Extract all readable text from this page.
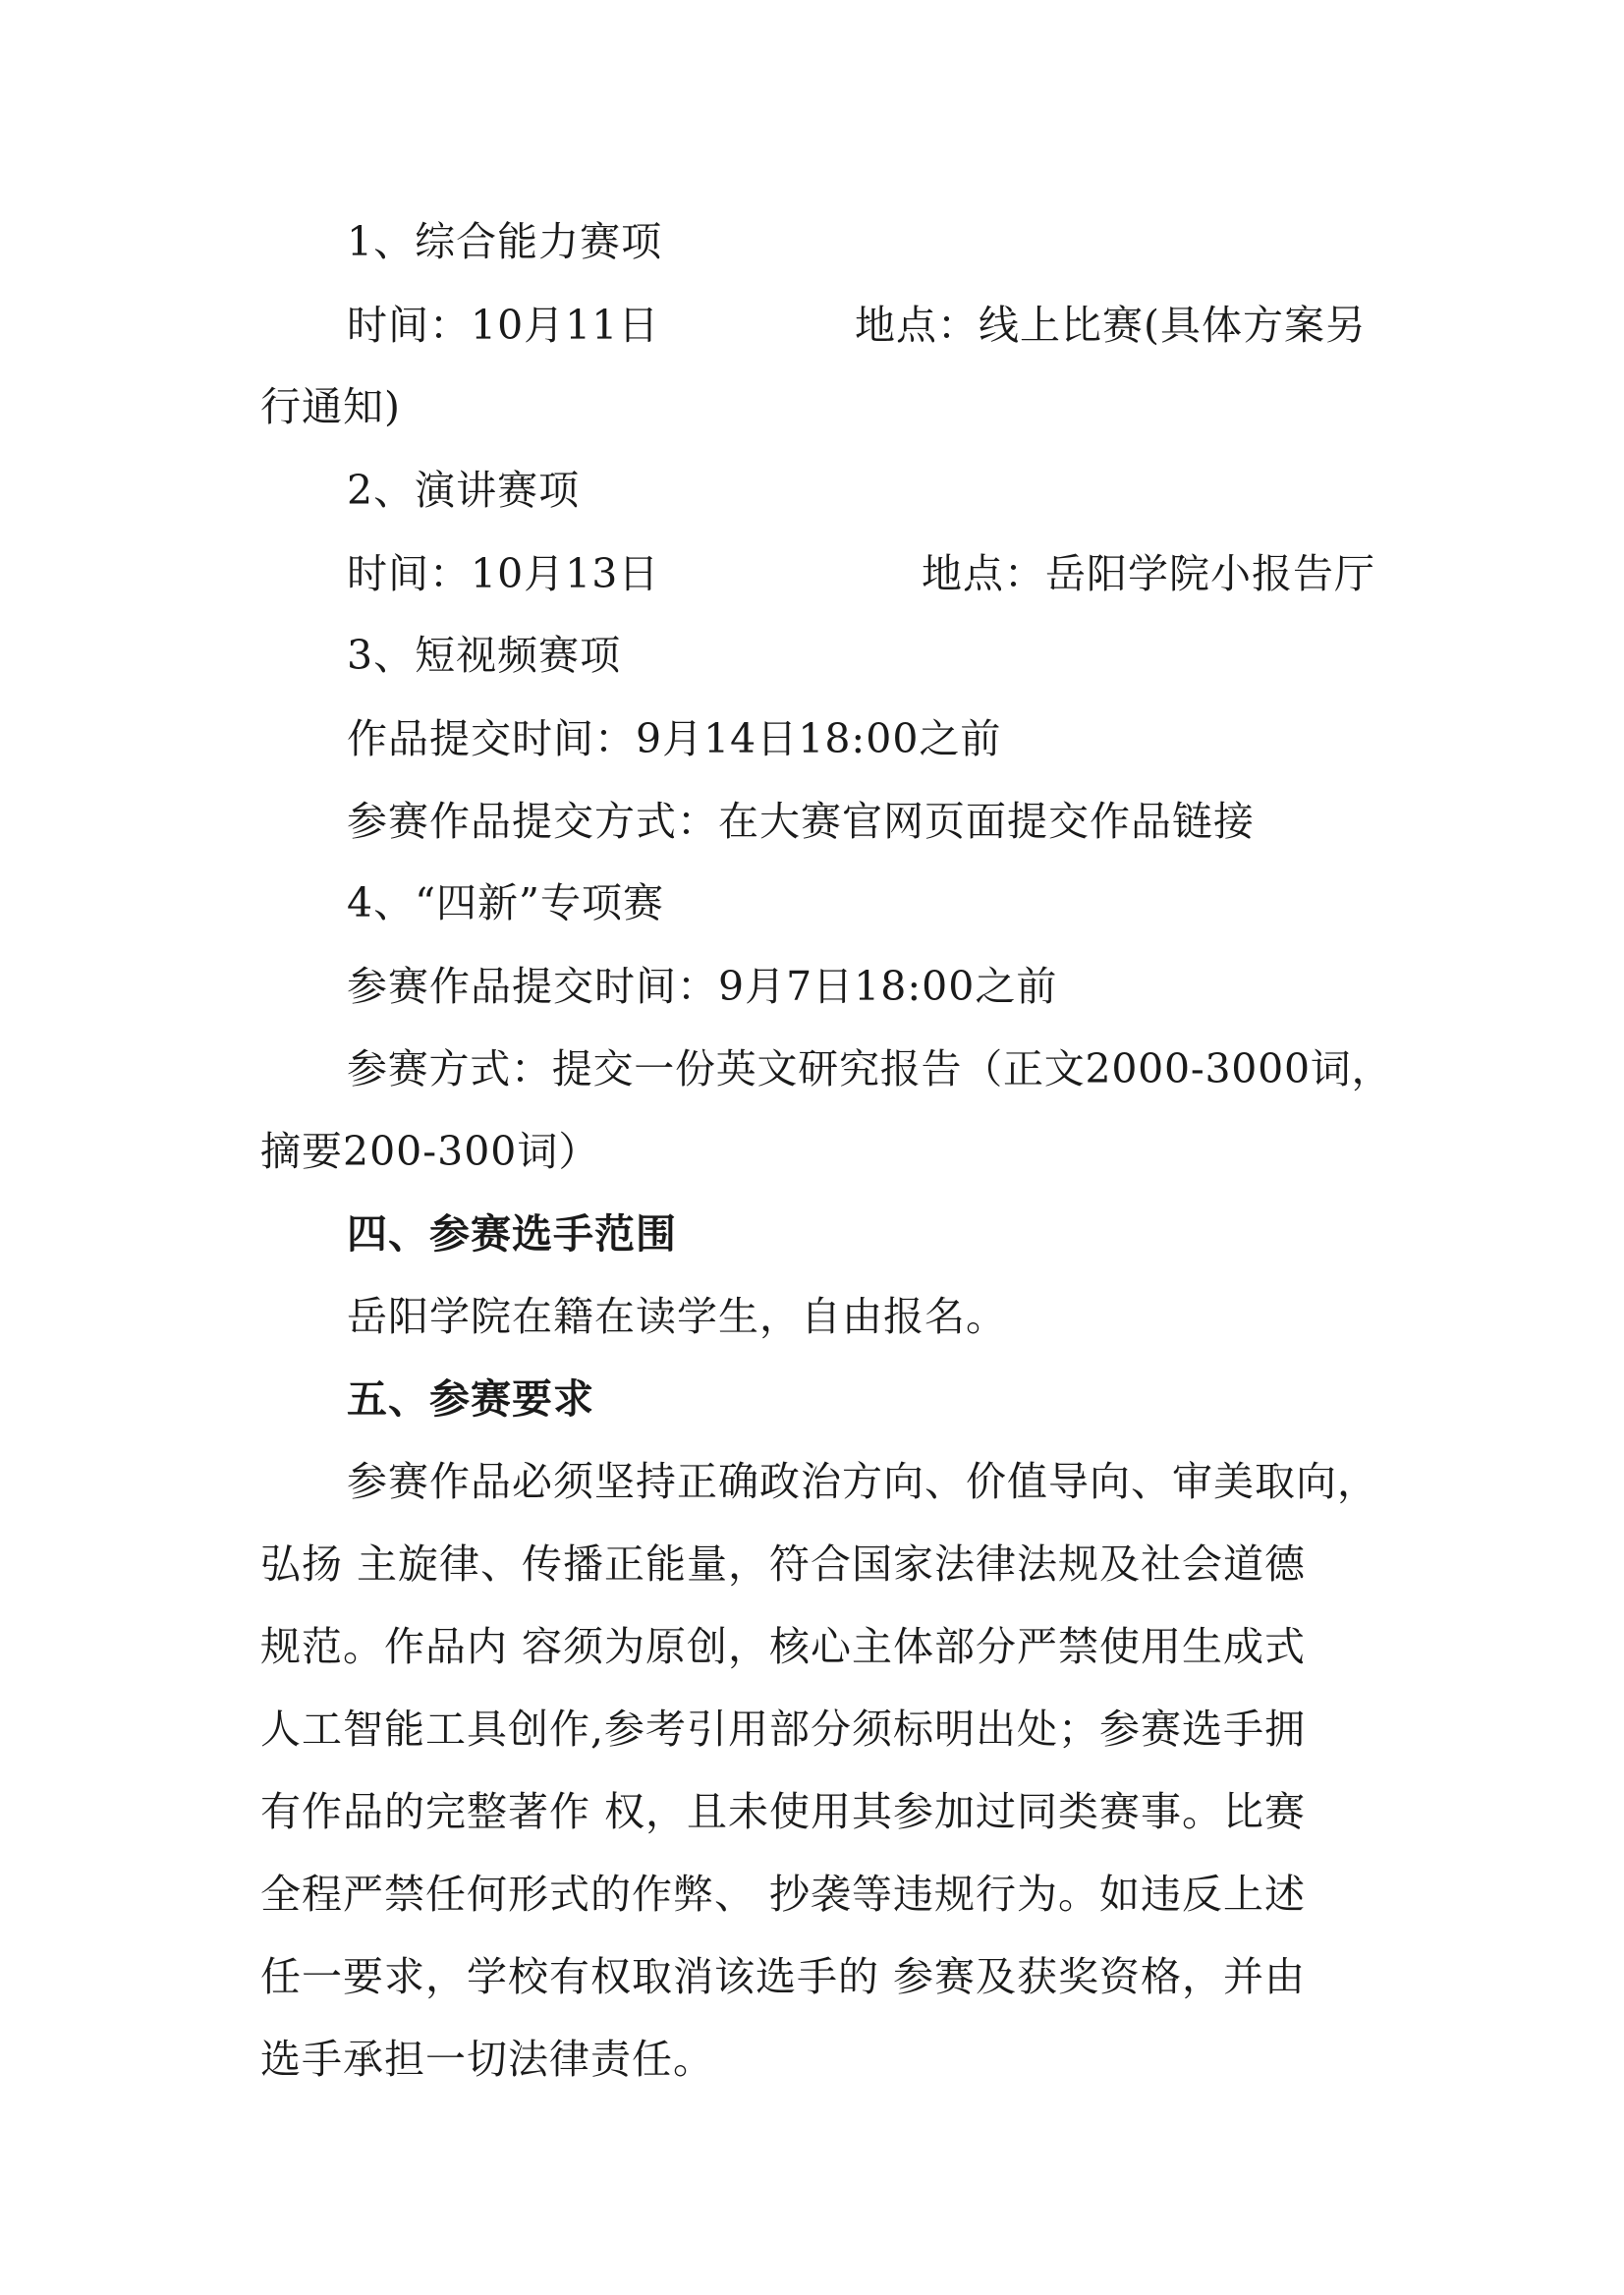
1、综合能力赛项
时间：10月11日	地点：线上比赛(具体方案另
行通知)
2、演讲赛项
时间：10月13日	地点：岳阳学院小报告厅
3、短视频赛项
作品提交时间：9月14日18:00之前
参赛作品提交方式：在大赛官网页面提交作品链接
4、“四新”专项赛
参赛作品提交时间：9月7日18:00之前
参赛方式：提交一份英文研究报告（正文2000-3000词，
摘要200-300词）
四、参赛选手范围
岳阳学院在籍在读学生，自由报名。
五、参赛要求
参赛作品必须坚持正确政治方向、价值导向、审美取向，
弘扬 主旋律、传播正能量，符合国家法律法规及社会道德
规范。作品内 容须为原创，核心主体部分严禁使用生成式
人工智能工具创作,参考引用部分须标明出处；参赛选手拥
有作品的完整著作 权，且未使用其参加过同类赛事。比赛
全程严禁任何形式的作弊、 抄袭等违规行为。如违反上述
任一要求，学校有权取消该选手的 参赛及获奖资格，并由
选手承担一切法律责任。
